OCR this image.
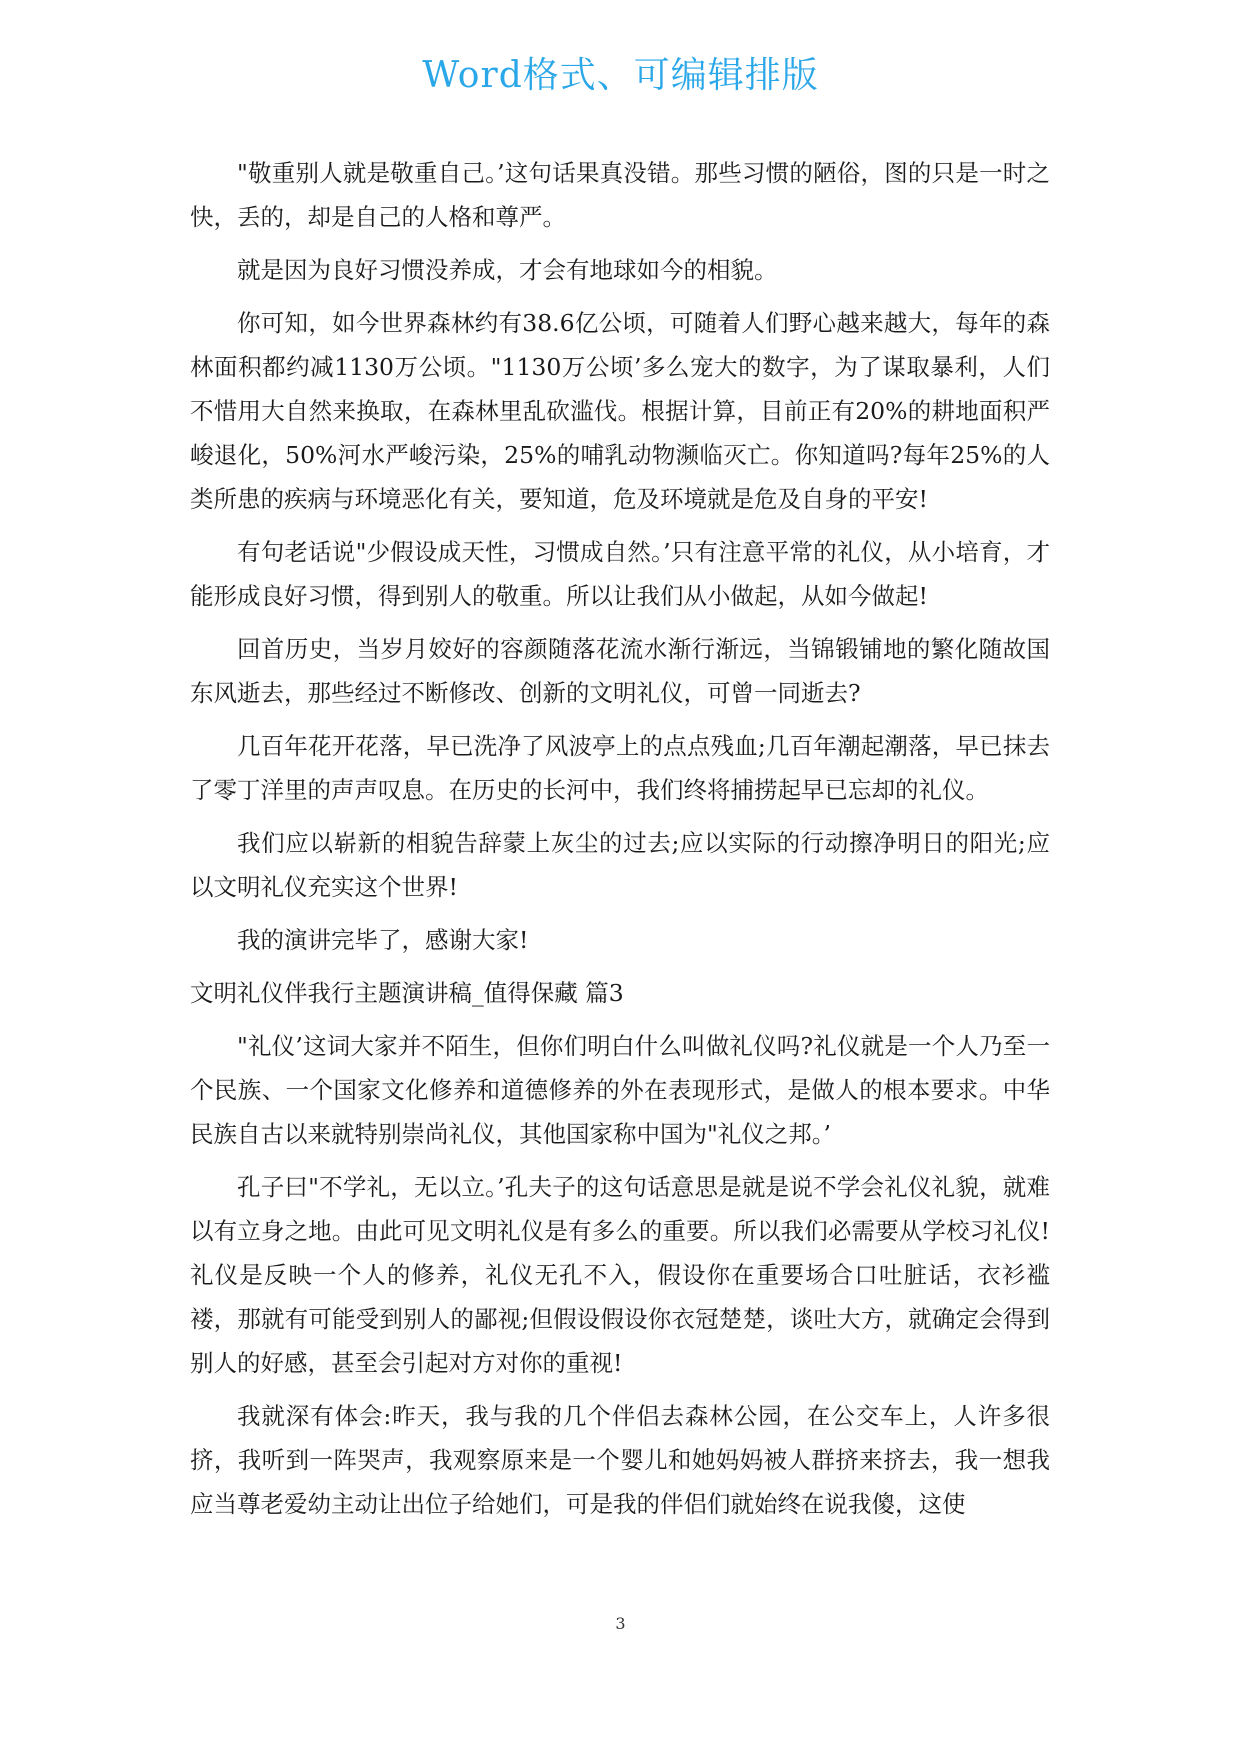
Word格式、可编辑排版

"敬重别人就是敬重自己。’这句话果真没错。那些习惯的陋俗，图的只是一时之快，丢的，却是自己的人格和尊严。

就是因为良好习惯没养成，才会有地球如今的相貌。

你可知，如今世界森林约有38.6亿公顷，可随着人们野心越来越大，每年的森林面积都约减1130万公顷。"1130万公顷’多么宠大的数字，为了谋取暴利，人们不惜用大自然来换取，在森林里乱砍滥伐。根据计算，目前正有20%的耕地面积严峻退化，50%河水严峻污染，25%的哺乳动物濒临灭亡。你知道吗?每年25%的人类所患的疾病与环境恶化有关，要知道，危及环境就是危及自身的平安!

有句老话说"少假设成天性，习惯成自然。’只有注意平常的礼仪，从小培育，才能形成良好习惯，得到别人的敬重。所以让我们从小做起，从如今做起!

回首历史，当岁月姣好的容颜随落花流水渐行渐远，当锦锻铺地的繁化随故国东风逝去，那些经过不断修改、创新的文明礼仪，可曾一同逝去?

几百年花开花落，早已洗净了风波亭上的点点残血;几百年潮起潮落，早已抹去了零丁洋里的声声叹息。在历史的长河中，我们终将捕捞起早已忘却的礼仪。

我们应以崭新的相貌告辞蒙上灰尘的过去;应以实际的行动擦净明日的阳光;应以文明礼仪充实这个世界!

我的演讲完毕了，感谢大家!

文明礼仪伴我行主题演讲稿_值得保藏 篇3

"礼仪’这词大家并不陌生，但你们明白什么叫做礼仪吗?礼仪就是一个人乃至一个民族、一个国家文化修养和道德修养的外在表现形式，是做人的根本要求。中华民族自古以来就特别崇尚礼仪，其他国家称中国为"礼仪之邦。’

孔子曰"不学礼，无以立。’孔夫子的这句话意思是就是说不学会礼仪礼貌，就难以有立身之地。由此可见文明礼仪是有多么的重要。所以我们必需要从学校习礼仪!礼仪是反映一个人的修养，礼仪无孔不入，假设你在重要场合口吐脏话，衣衫褴褛，那就有可能受到别人的鄙视;但假设假设你衣冠楚楚，谈吐大方，就确定会得到别人的好感，甚至会引起对方对你的重视!

我就深有体会:昨天，我与我的几个伴侣去森林公园，在公交车上，人许多很挤，我听到一阵哭声，我观察原来是一个婴儿和她妈妈被人群挤来挤去，我一想我应当尊老爱幼主动让出位子给她们，可是我的伴侣们就始终在说我傻，这使

3
